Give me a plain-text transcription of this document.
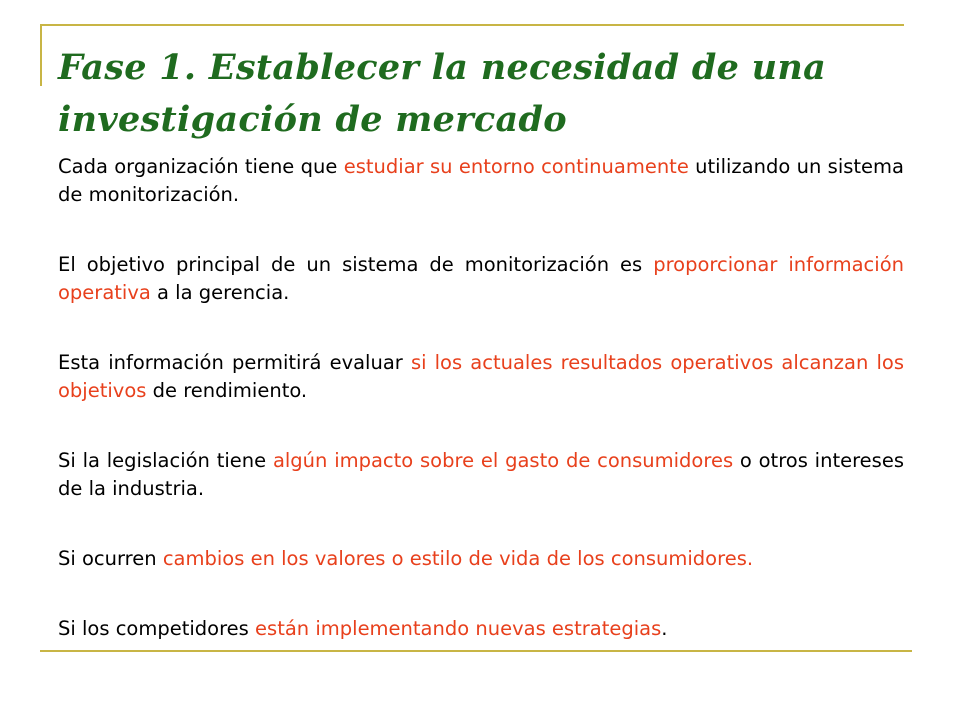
Fase 1. Establecer la necesidad de una investigación de mercado

Cada organización tiene que estudiar su entorno continuamente utilizando un sistema de monitorización.

El objetivo principal de un sistema de monitorización es proporcionar información operativa a la gerencia.

Esta información permitirá evaluar si los actuales resultados operativos alcanzan los objetivos de rendimiento.

Si la legislación tiene algún impacto sobre el gasto de consumidores o otros intereses de la industria.

Si ocurren cambios en los valores o estilo de vida de los consumidores.

Si los competidores están implementando nuevas estrategias.
